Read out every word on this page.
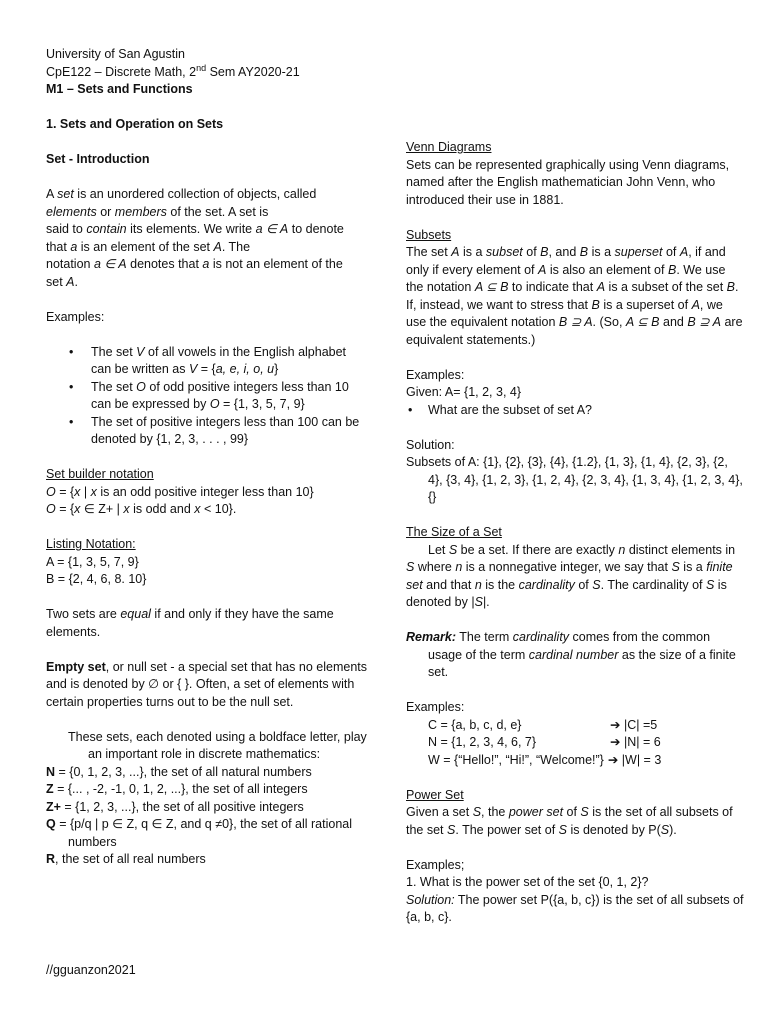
University of San Agustin

CpE122 – Discrete Math, 2nd Sem AY2020-21

M1 – Sets and Functions

1. Sets and Operation on Sets

Set - Introduction

A set is an unordered collection of objects, called
elements or members of the set. A set is
said to contain its elements. We write a ∈ A to denote
that a is an element of the set A. The
notation a ∈ A denotes that a is not an element of the
set A.

Examples:

• The set V of all vowels in the English alphabet can be written as V = {a, e, i, o, u}
• The set O of odd positive integers less than 10 can be expressed by O = {1, 3, 5, 7, 9}
• The set of positive integers less than 100 can be denoted by {1, 2, 3, . . . , 99}

Set builder notation

O = {x | x is an odd positive integer less than 10}

O = {x ∈ Z+ | x is odd and x < 10}.

Listing Notation:

A = {1, 3, 5, 7, 9}

B = {2, 4, 6, 8. 10}

Two sets are equal if and only if they have the same elements.

Empty set, or null set - a special set that has no elements and is denoted by ∅ or { }. Often, a set of elements with certain properties turns out to be the null set.

These sets, each denoted using a boldface letter, play an important role in discrete mathematics:

N = {0, 1, 2, 3, ...}, the set of all natural numbers

Z = {... , -2, -1, 0, 1, 2, ...}, the set of all integers

Z+ = {1, 2, 3, ...}, the set of all positive integers

Q = {p/q | p ∈ Z, q ∈ Z, and q ≠0}, the set of all rational numbers

R, the set of all real numbers

Venn Diagrams

Sets can be represented graphically using Venn diagrams, named after the English mathematician John Venn, who introduced their use in 1881.

Subsets

The set A is a subset of B, and B is a superset of A, if and only if every element of A is also an element of B. We use the notation A ⊆ B to indicate that A is a subset of the set B. If, instead, we want to stress that B is a superset of A, we use the equivalent notation B ⊇ A. (So, A ⊆ B and B ⊇ A are equivalent statements.)

Examples:

Given: A= {1, 2, 3, 4}

• What are the subset of set A?

Solution:

Subsets of A: {1}, {2}, {3}, {4}, {1.2}, {1, 3}, {1, 4}, {2, 3}, {2, 4}, {3, 4}, {1, 2, 3}, {1, 2, 4}, {2, 3, 4}, {1, 3, 4}, {1, 2, 3, 4}, {}

The Size of a Set

Let S be a set. If there are exactly n distinct elements in S where n is a nonnegative integer, we say that S is a finite set and that n is the cardinality of S. The cardinality of S is denoted by |S|.

Remark: The term cardinality comes from the common usage of the term cardinal number as the size of a finite set.

Examples:

C = {a, b, c, d, e}	➔ |C| =5
N = {1, 2, 3, 4, 6, 7}	➔ |N| = 6
W = {“Hello!”, “Hi!”, “Welcome!”} ➔ |W| = 3

Power Set

Given a set S, the power set of S is the set of all subsets of the set S. The power set of S is denoted by P(S).

Examples;

1. What is the power set of the set {0, 1, 2}?

Solution: The power set P({a, b, c}) is the set of all subsets of {a, b, c}.

//gguanzon2021
